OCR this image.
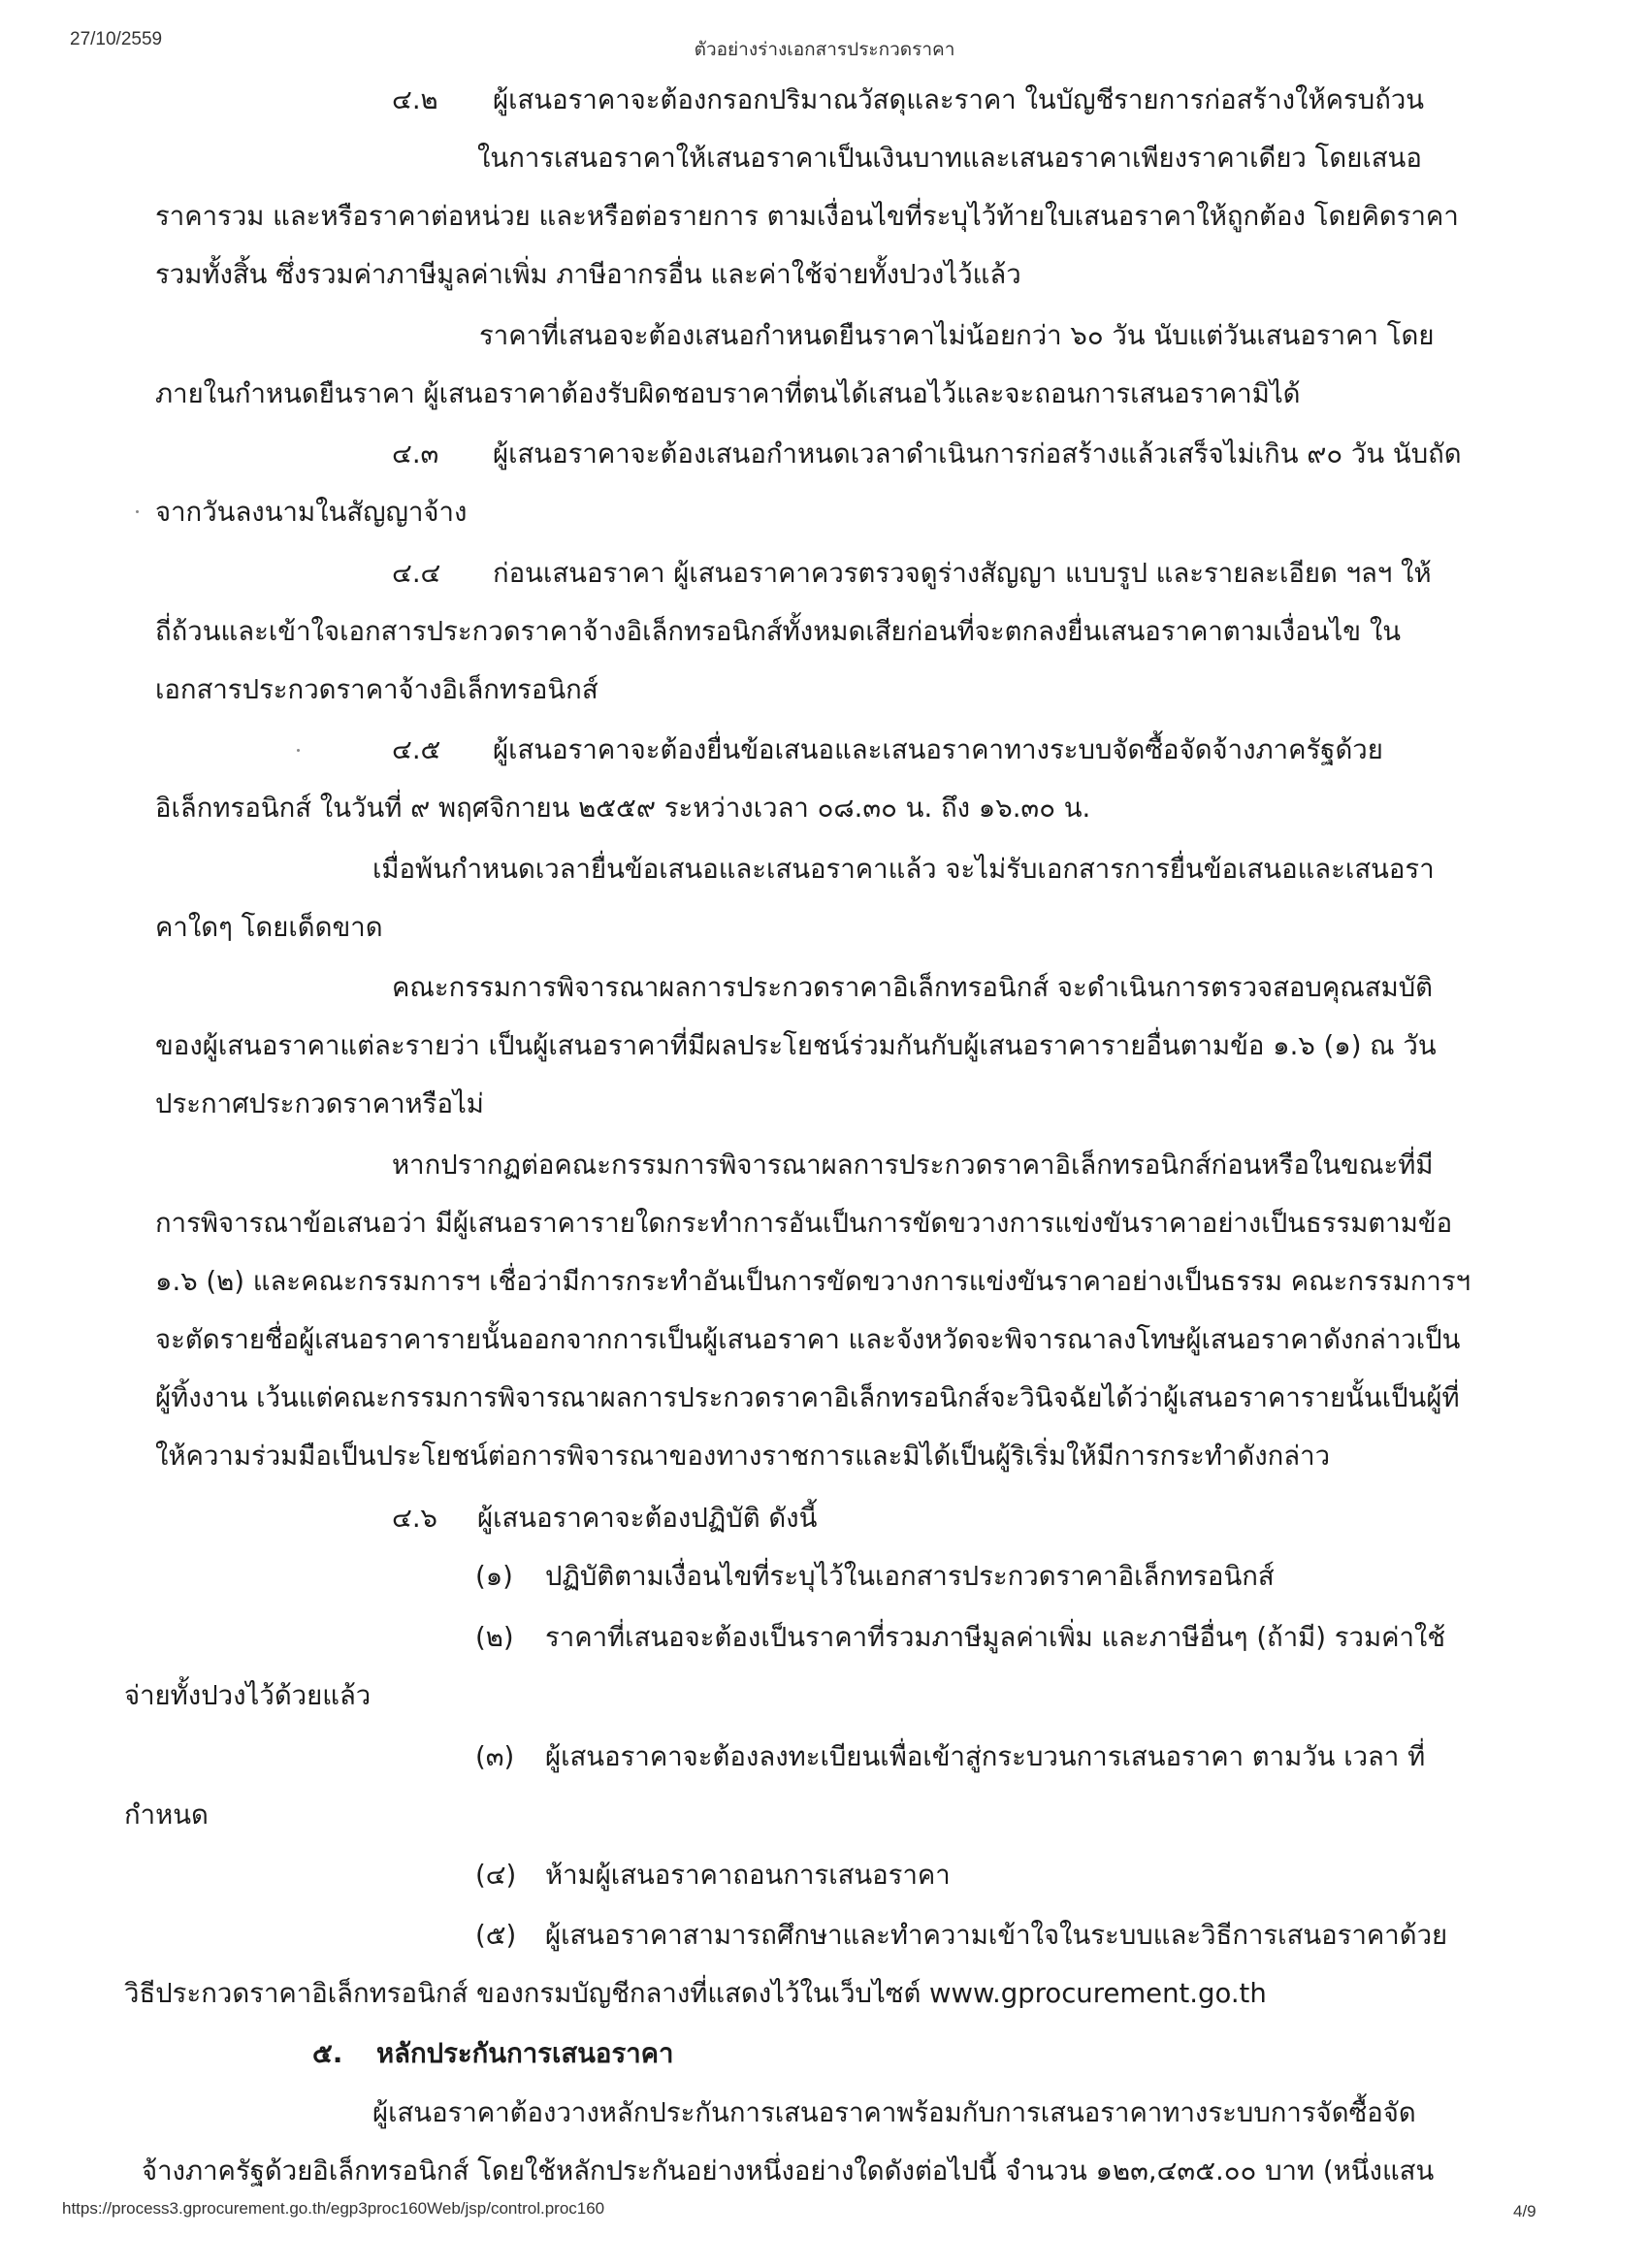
27/10/2559
ตัวอย่างร่างเอกสารประกวดราคา
๔.๒ ผู้เสนอราคาจะต้องกรอกปริมาณวัสดุและราคา ในบัญชีรายการก่อสร้างให้ครบถ้วน
ในการเสนอราคาให้เสนอราคาเป็นเงินบาทและเสนอราคาเพียงราคาเดียว โดยเสนอ
ราคารวม และหรือราคาต่อหน่วย และหรือต่อรายการ ตามเงื่อนไขที่ระบุไว้ท้ายใบเสนอราคาให้ถูกต้อง โดยคิดราคา
รวมทั้งสิ้น ซึ่งรวมค่าภาษีมูลค่าเพิ่ม ภาษีอากรอื่น และค่าใช้จ่ายทั้งปวงไว้แล้ว
ราคาที่เสนอจะต้องเสนอกำหนดยืนราคาไม่น้อยกว่า ๖๐ วัน นับแต่วันเสนอราคา โดย
ภายในกำหนดยืนราคา ผู้เสนอราคาต้องรับผิดชอบราคาที่ตนได้เสนอไว้และจะถอนการเสนอราคามิได้
๔.๓ ผู้เสนอราคาจะต้องเสนอกำหนดเวลาดำเนินการก่อสร้างแล้วเสร็จไม่เกิน ๙๐ วัน นับถัด
จากวันลงนามในสัญญาจ้าง
๔.๔ ก่อนเสนอราคา ผู้เสนอราคาควรตรวจดูร่างสัญญา แบบรูป และรายละเอียด ฯลฯ ให้
ถี่ถ้วนและเข้าใจเอกสารประกวดราคาจ้างอิเล็กทรอนิกส์ทั้งหมดเสียก่อนที่จะตกลงยื่นเสนอราคาตามเงื่อนไข ใน
เอกสารประกวดราคาจ้างอิเล็กทรอนิกส์
๔.๕ ผู้เสนอราคาจะต้องยื่นข้อเสนอและเสนอราคาทางระบบจัดซื้อจัดจ้างภาครัฐด้วย
อิเล็กทรอนิกส์ ในวันที่ ๙ พฤศจิกายน ๒๕๕๙ ระหว่างเวลา ๐๘.๓๐ น. ถึง ๑๖.๓๐ น.
เมื่อพ้นกำหนดเวลายื่นข้อเสนอและเสนอราคาแล้ว จะไม่รับเอกสารการยื่นข้อเสนอและเสนอรา
คาใดๆ โดยเด็ดขาด
คณะกรรมการพิจารณาผลการประกวดราคาอิเล็กทรอนิกส์ จะดำเนินการตรวจสอบคุณสมบัติ
ของผู้เสนอราคาแต่ละรายว่า เป็นผู้เสนอราคาที่มีผลประโยชน์ร่วมกันกับผู้เสนอราคารายอื่นตามข้อ ๑.๖ (๑) ณ วัน
ประกาศประกวดราคาหรือไม่
หากปรากฏต่อคณะกรรมการพิจารณาผลการประกวดราคาอิเล็กทรอนิกส์ก่อนหรือในขณะที่มี
การพิจารณาข้อเสนอว่า มีผู้เสนอราคารายใดกระทำการอันเป็นการขัดขวางการแข่งขันราคาอย่างเป็นธรรมตามข้อ
๑.๖ (๒) และคณะกรรมการฯ เชื่อว่ามีการกระทำอันเป็นการขัดขวางการแข่งขันราคาอย่างเป็นธรรม คณะกรรมการฯ
จะตัดรายชื่อผู้เสนอราคารายนั้นออกจากการเป็นผู้เสนอราคา และจังหวัดจะพิจารณาลงโทษผู้เสนอราคาดังกล่าวเป็น
ผู้ทิ้งงาน เว้นแต่คณะกรรมการพิจารณาผลการประกวดราคาอิเล็กทรอนิกส์จะวินิจฉัยได้ว่าผู้เสนอราคารายนั้นเป็นผู้ที่
ให้ความร่วมมือเป็นประโยชน์ต่อการพิจารณาของทางราชการและมิได้เป็นผู้ริเริ่มให้มีการกระทำดังกล่าว
๔.๖ ผู้เสนอราคาจะต้องปฏิบัติ ดังนี้
(๑) ปฏิบัติตามเงื่อนไขที่ระบุไว้ในเอกสารประกวดราคาอิเล็กทรอนิกส์
(๒) ราคาที่เสนอจะต้องเป็นราคาที่รวมภาษีมูลค่าเพิ่ม และภาษีอื่นๆ (ถ้ามี) รวมค่าใช้
จ่ายทั้งปวงไว้ด้วยแล้ว
(๓) ผู้เสนอราคาจะต้องลงทะเบียนเพื่อเข้าสู่กระบวนการเสนอราคา ตามวัน เวลา ที่
กำหนด
(๔) ห้ามผู้เสนอราคาถอนการเสนอราคา
(๕) ผู้เสนอราคาสามารถศึกษาและทำความเข้าใจในระบบและวิธีการเสนอราคาด้วย
วิธีประกวดราคาอิเล็กทรอนิกส์ ของกรมบัญชีกลางที่แสดงไว้ในเว็บไซต์ www.gprocurement.go.th
๕. หลักประกันการเสนอราคา
ผู้เสนอราคาต้องวางหลักประกันการเสนอราคาพร้อมกับการเสนอราคาทางระบบการจัดซื้อจัด
จ้างภาครัฐด้วยอิเล็กทรอนิกส์ โดยใช้หลักประกันอย่างหนึ่งอย่างใดดังต่อไปนี้ จำนวน ๑๒๓,๔๓๕.๐๐ บาท (หนึ่งแสน
https://process3.gprocurement.go.th/egp3proc160Web/jsp/control.proc160	4/9
